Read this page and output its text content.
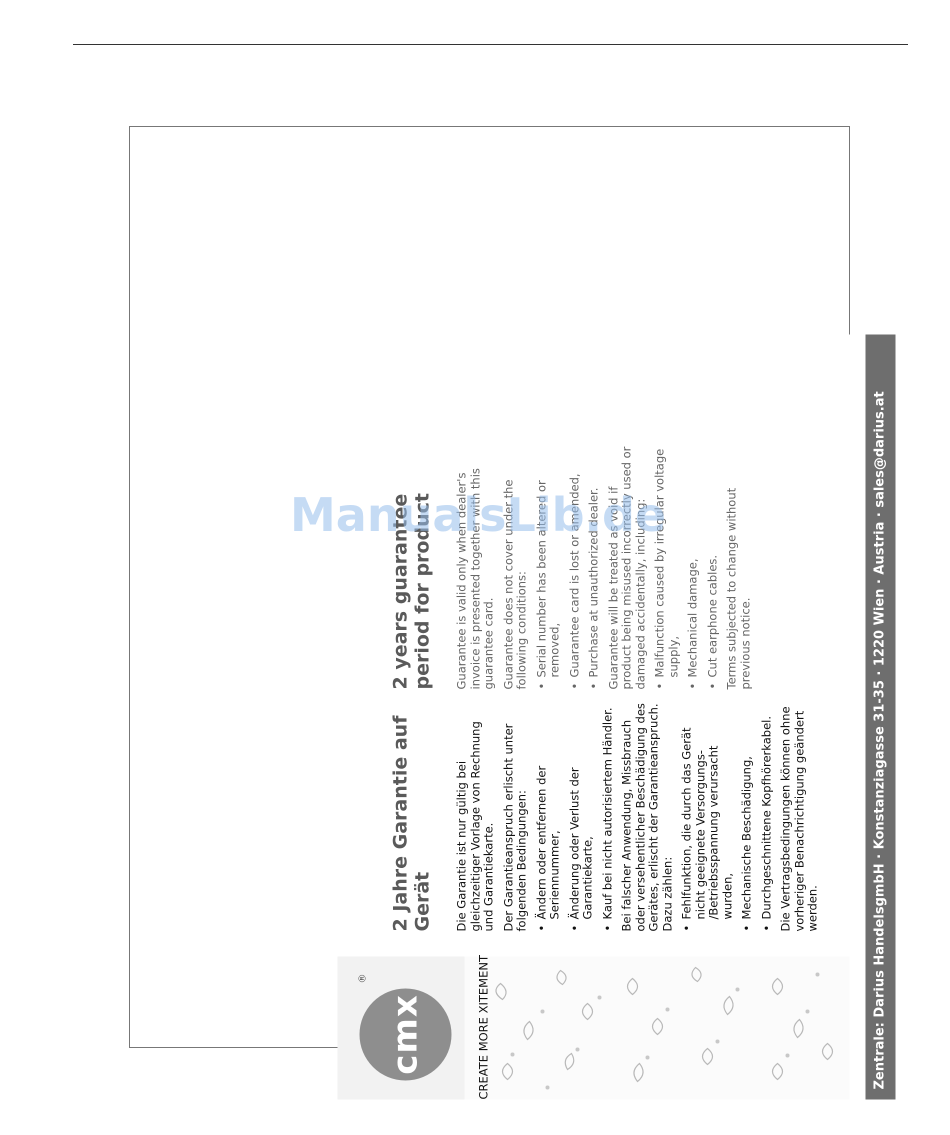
cmx
®	CREATE MORE XITEMENT
2 Jahre Garantie auf Gerät Die Garantie ist nur gültig bei gleichzeitiger Vorlage von Rechnung und Garantiekarte. Der Garantieanspruch erlischt unter folgenden Bedingungen: • Ändern oder entfernen der Seriennummer, • Änderung oder Verlust der Garantiekarte, • Kauf bei nicht autorisiertem Händler. Bei falscher Anwendung, Missbrauch oder versehentlicher Beschädigung des Gerätes, erlischt der Garantieanspruch. Dazu zählen: • Fehlfunktion, die durch das Gerät nicht geeignete Versorgungs- /Betriebsspannung verursacht wurden, • Mechanische Beschädigung, • Durchgeschnittene Kopfhörerkabel. Die Vertragsbedingungen können ohne vorheriger Benachrichtigung geändert werden.

2 years guarantee period for product Guarantee is valid only when dealer's invoice is presented together with this guarantee card. Guarantee does not cover under the following conditions: • Serial number has been altered or removed, • Guarantee card is lost or amended, • Purchase at unauthorized dealer. Guarantee will be treated as void if product being misused incorrectly used or damaged accidentally, including: • Malfunction caused by irregular voltage supply, • Mechanical damage, • Cut earphone cables. Terms subjected to change without previous notice.	Zentrale: Darius HandelsgmbH · Konstanziagasse 31-35 · 1220 Wien · Austria · sales@darius.at
ManualsLib.de
